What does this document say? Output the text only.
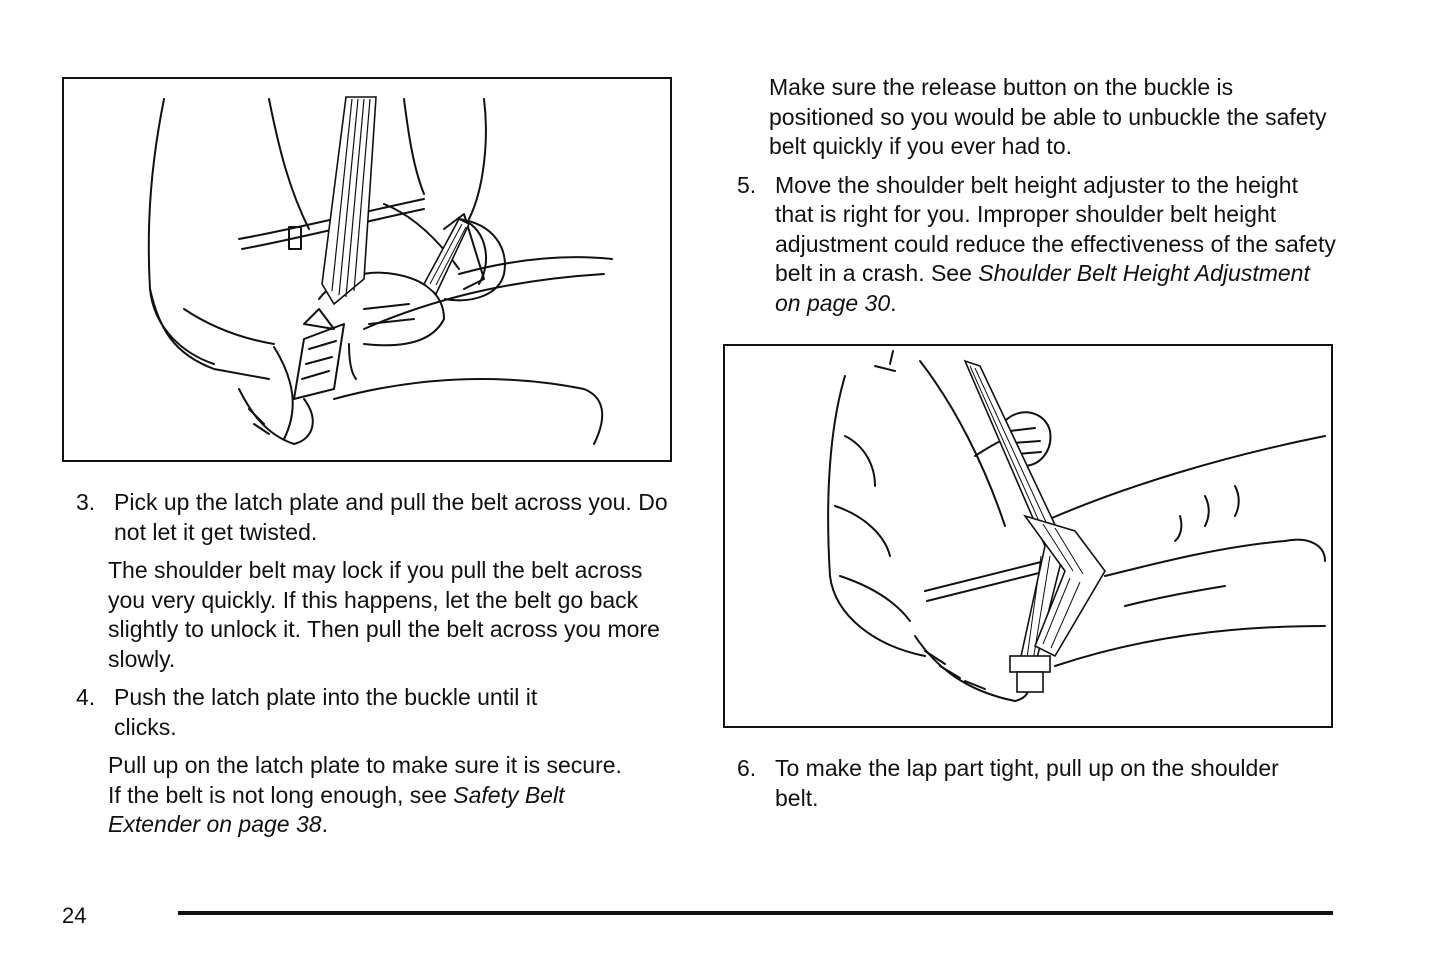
3. Pick up the latch plate and pull the belt across you. Do not let it get twisted.

The shoulder belt may lock if you pull the belt across you very quickly. If this happens, let the belt go back slightly to unlock it. Then pull the belt across you more slowly.

4. Push the latch plate into the buckle until it clicks.

Pull up on the latch plate to make sure it is secure. If the belt is not long enough, see Safety Belt Extender on page 38.

Make sure the release button on the buckle is positioned so you would be able to unbuckle the safety belt quickly if you ever had to.

5. Move the shoulder belt height adjuster to the height that is right for you. Improper shoulder belt height adjustment could reduce the effectiveness of the safety belt in a crash. See Shoulder Belt Height Adjustment on page 30.
6. To make the lap part tight, pull up on the shoulder belt.
24
